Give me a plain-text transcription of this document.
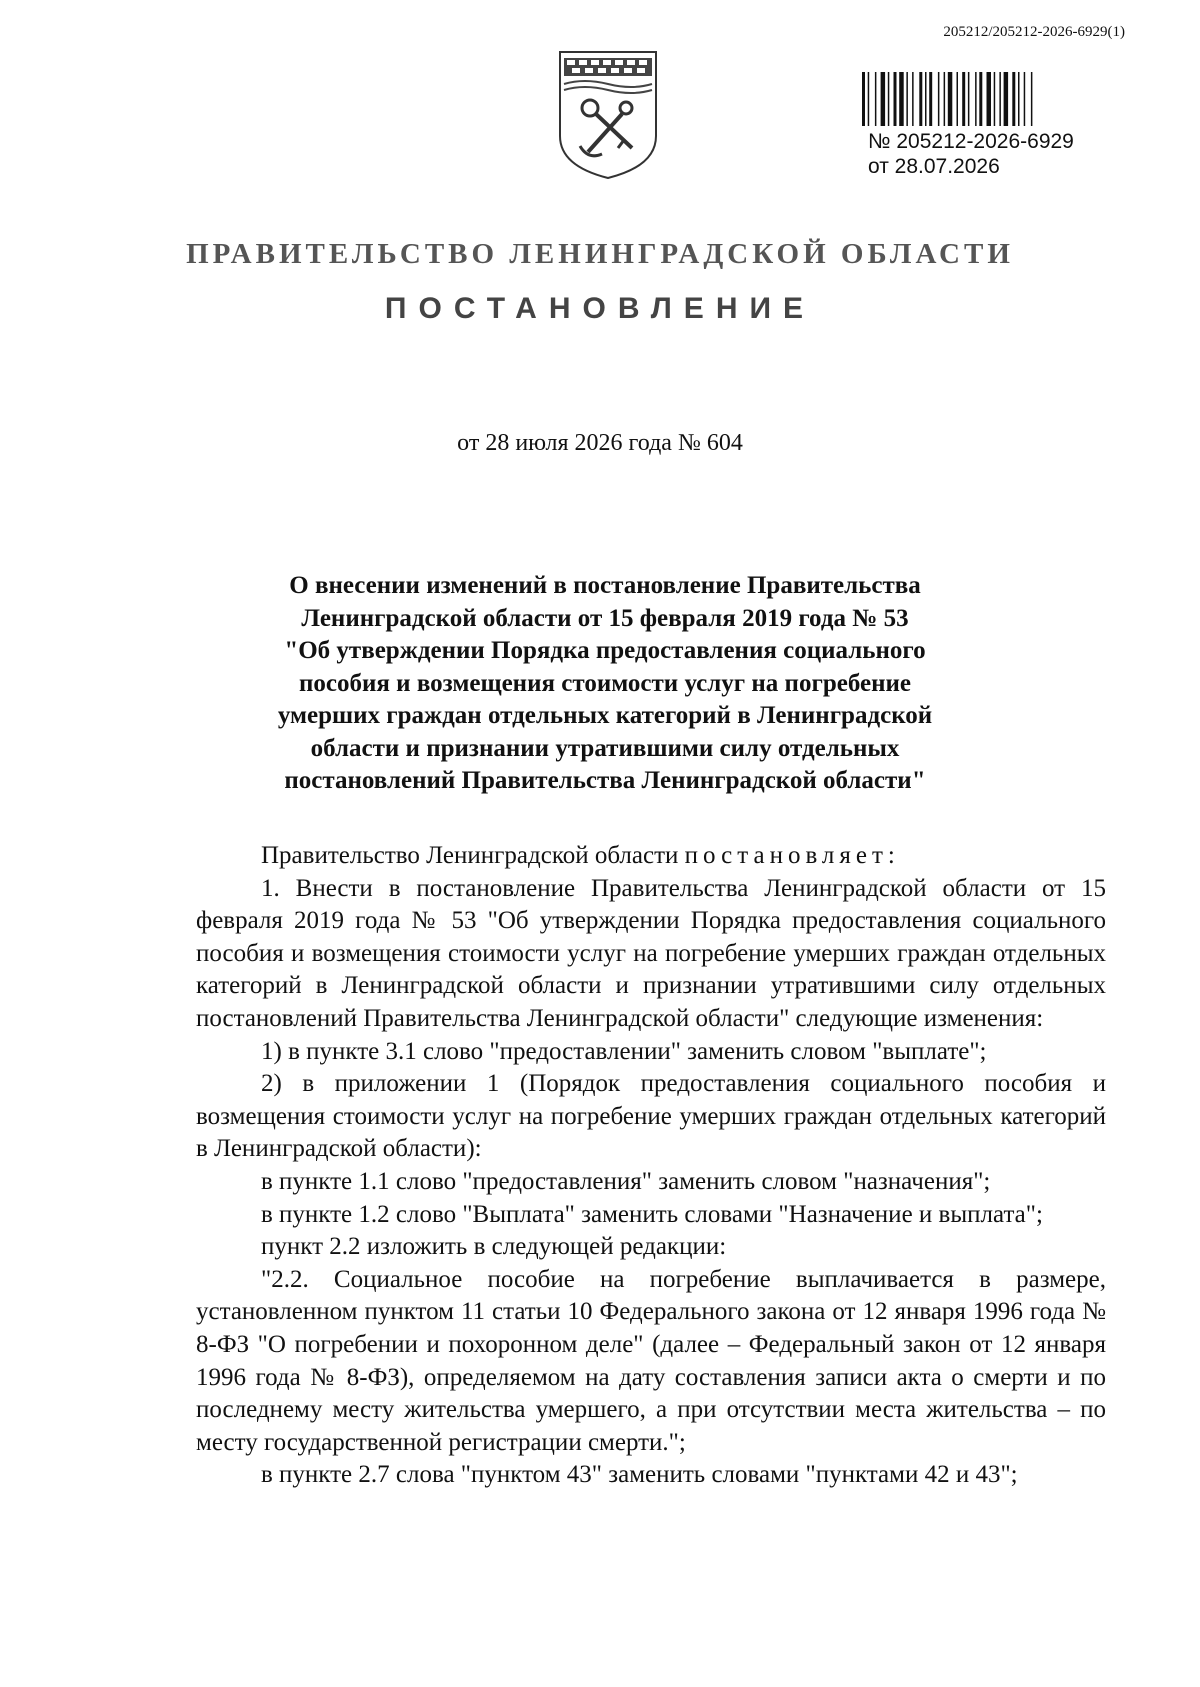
205212/205212-2026-6929(1)
№ 205212-2026-6929
от 28.07.2026
ПРАВИТЕЛЬСТВО ЛЕНИНГРАДСКОЙ ОБЛАСТИ
ПОСТАНОВЛЕНИЕ
от 28 июля 2026 года № 604
О внесении изменений в постановление Правительства
Ленинградской области от 15 февраля 2019 года № 53
"Об утверждении Порядка предоставления социального
пособия и возмещения стоимости услуг на погребение
умерших граждан отдельных категорий в Ленинградской
области и признании утратившими силу отдельных
постановлений Правительства Ленинградской области"

Правительство Ленинградской области постановляет:

1. Внести в постановление Правительства Ленинградской области от 15 февраля 2019 года № 53 "Об утверждении Порядка предоставления социального пособия и возмещения стоимости услуг на погребение умерших граждан отдельных категорий в Ленинградской области и признании утратившими силу отдельных постановлений Правительства Ленинградской области" следующие изменения:

1) в пункте 3.1 слово "предоставлении" заменить словом "выплате";

2) в приложении 1 (Порядок предоставления социального пособия и возмещения стоимости услуг на погребение умерших граждан отдельных категорий в Ленинградской области):

в пункте 1.1 слово "предоставления" заменить словом "назначения";

в пункте 1.2 слово "Выплата" заменить словами "Назначение и выплата";

пункт 2.2 изложить в следующей редакции:

"2.2. Социальное пособие на погребение выплачивается в размере, установленном пунктом 11 статьи 10 Федерального закона от 12 января 1996 года № 8-ФЗ "О погребении и похоронном деле" (далее – Федеральный закон от 12 января 1996 года № 8-ФЗ), определяемом на дату составления записи акта о смерти и по последнему месту жительства умершего, а при отсутствии места жительства – по месту государственной регистрации смерти.";

в пункте 2.7 слова "пунктом 43" заменить словами "пунктами 42 и 43";
